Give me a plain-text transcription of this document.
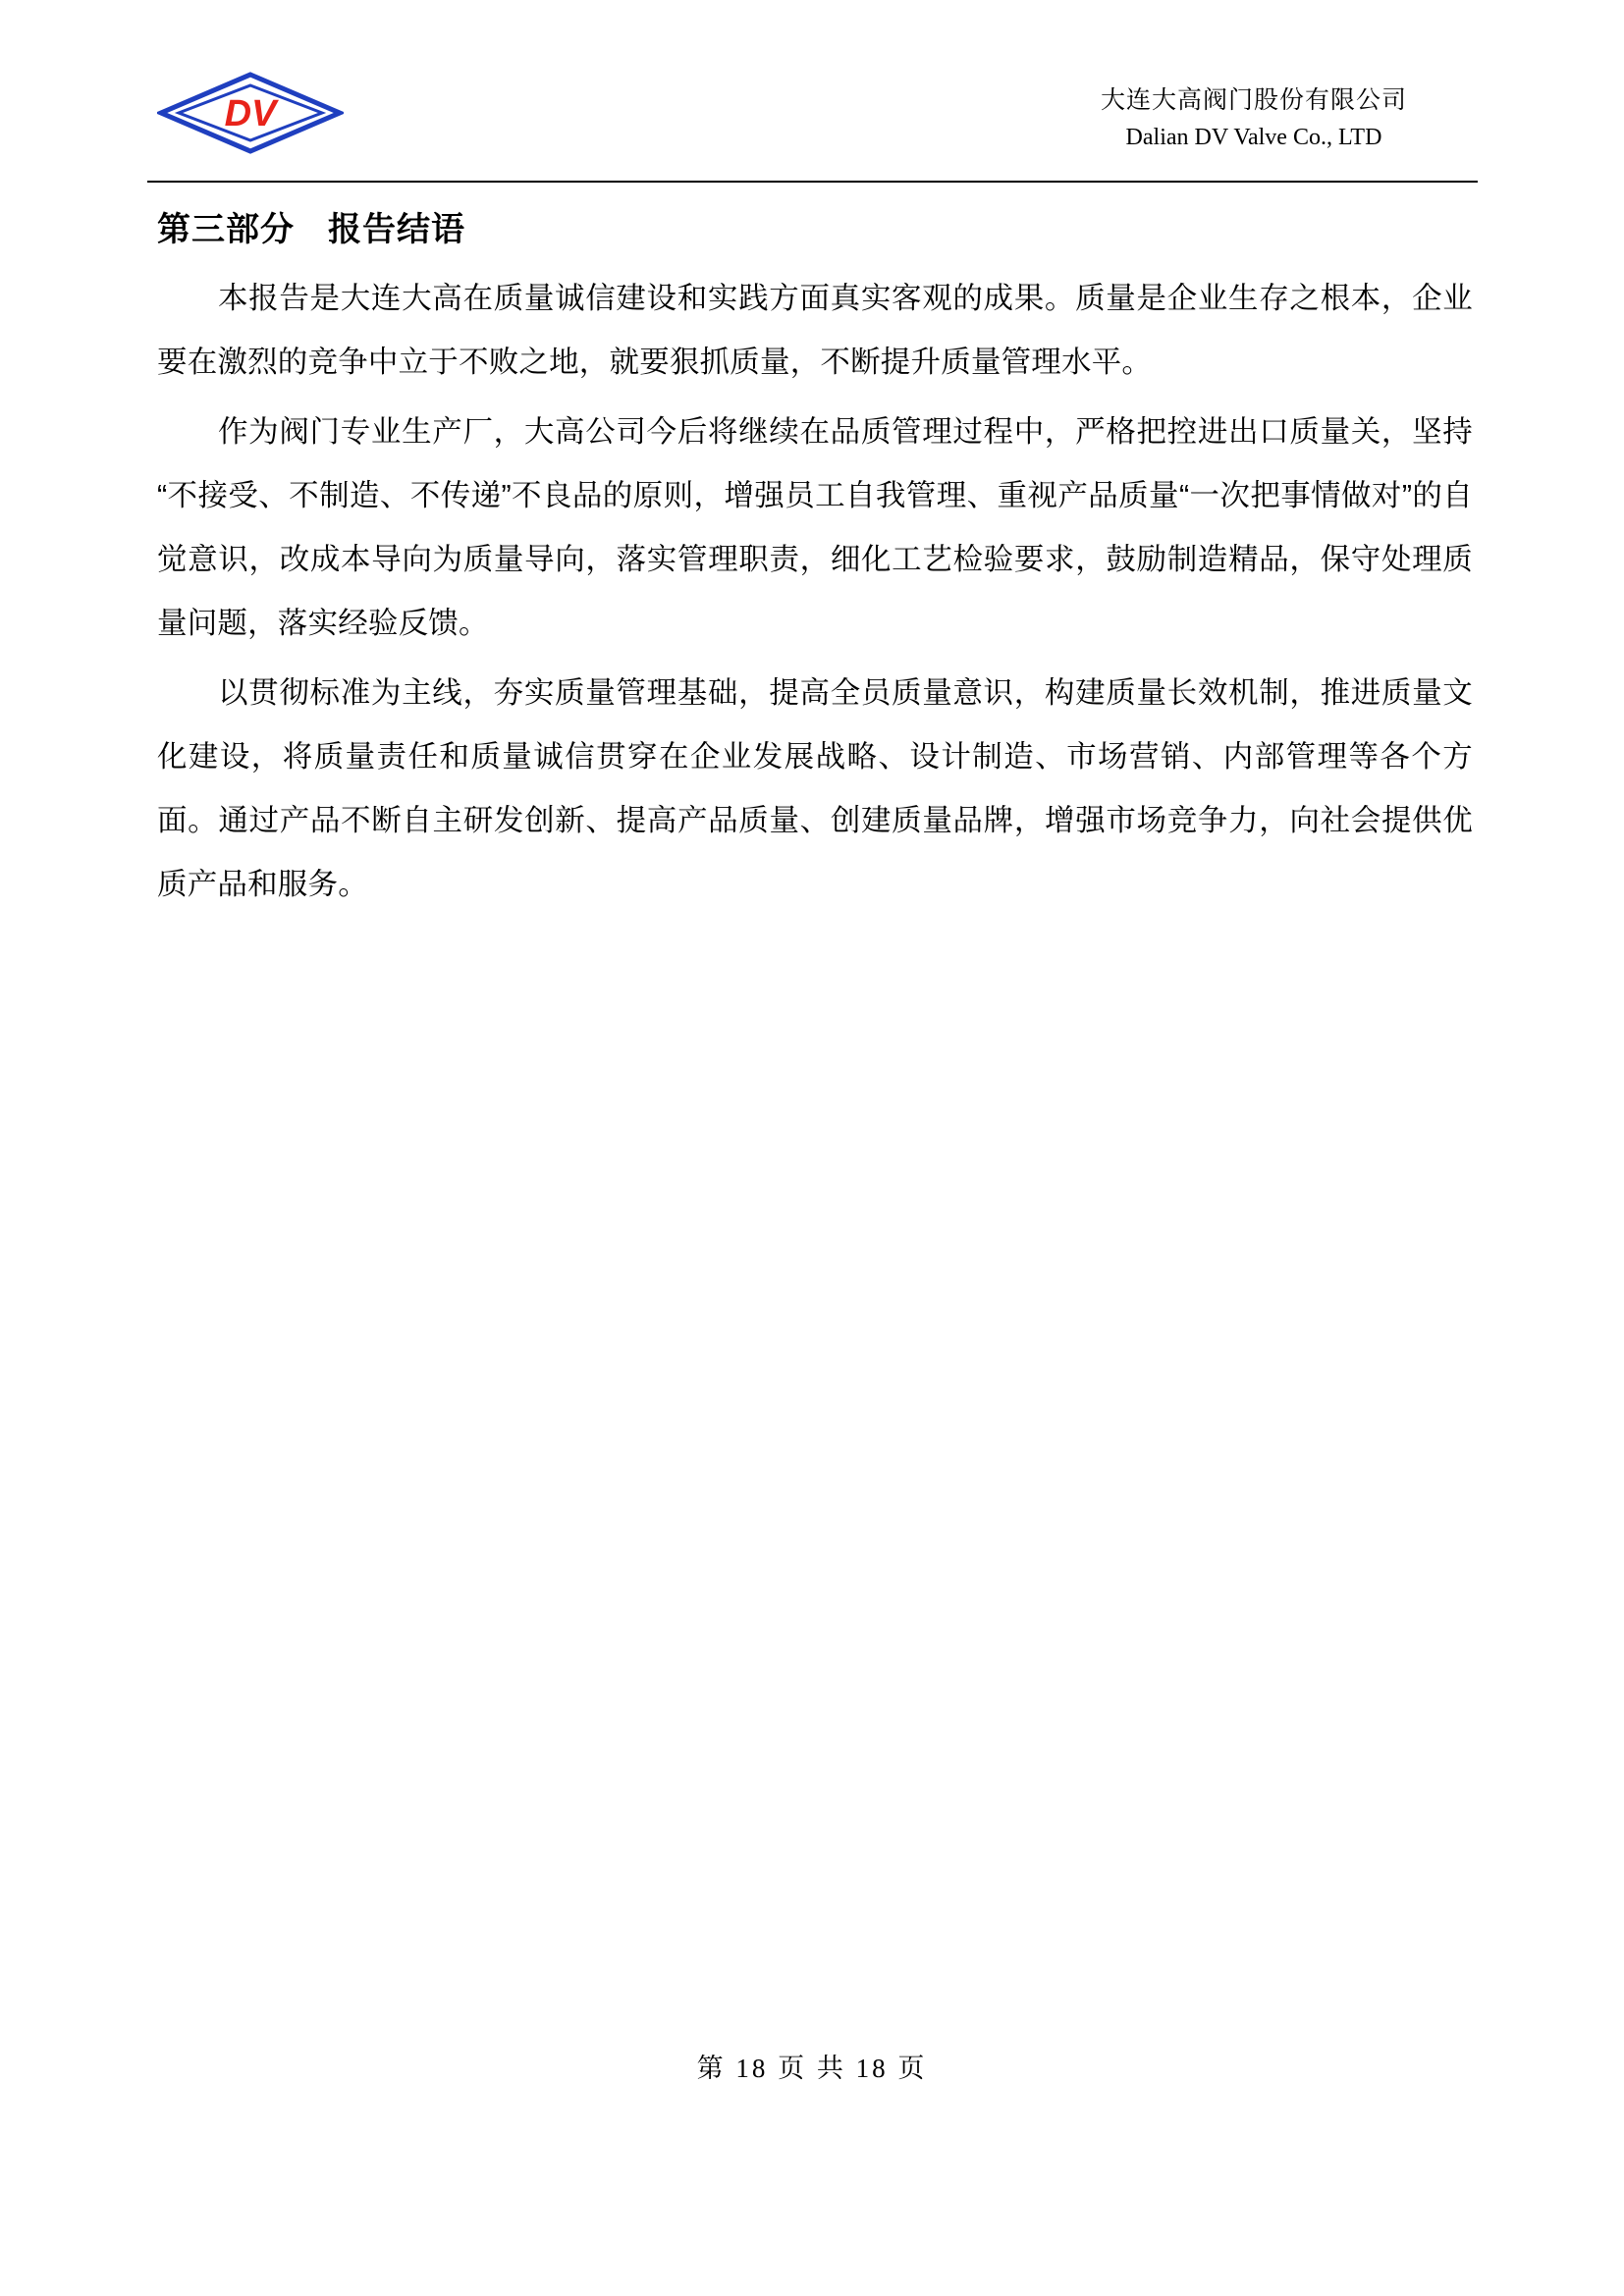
DV	大连大高阀门股份有限公司
Dalian DV Valve Co., LTD
第三部分 报告结语

本报告是大连大高在质量诚信建设和实践方面真实客观的成果。质量是企业生存之根本，企业要在激烈的竞争中立于不败之地，就要狠抓质量，不断提升质量管理水平。

作为阀门专业生产厂，大高公司今后将继续在品质管理过程中，严格把控进出口质量关，坚持“不接受、不制造、不传递”不良品的原则，增强员工自我管理、重视产品质量“一次把事情做对”的自觉意识，改成本导向为质量导向，落实管理职责，细化工艺检验要求，鼓励制造精品，保守处理质量问题，落实经验反馈。

以贯彻标准为主线，夯实质量管理基础，提高全员质量意识，构建质量长效机制，推进质量文化建设，将质量责任和质量诚信贯穿在企业发展战略、设计制造、市场营销、内部管理等各个方面。通过产品不断自主研发创新、提高产品质量、创建质量品牌，增强市场竞争力，向社会提供优质产品和服务。

第 18 页 共 18 页
